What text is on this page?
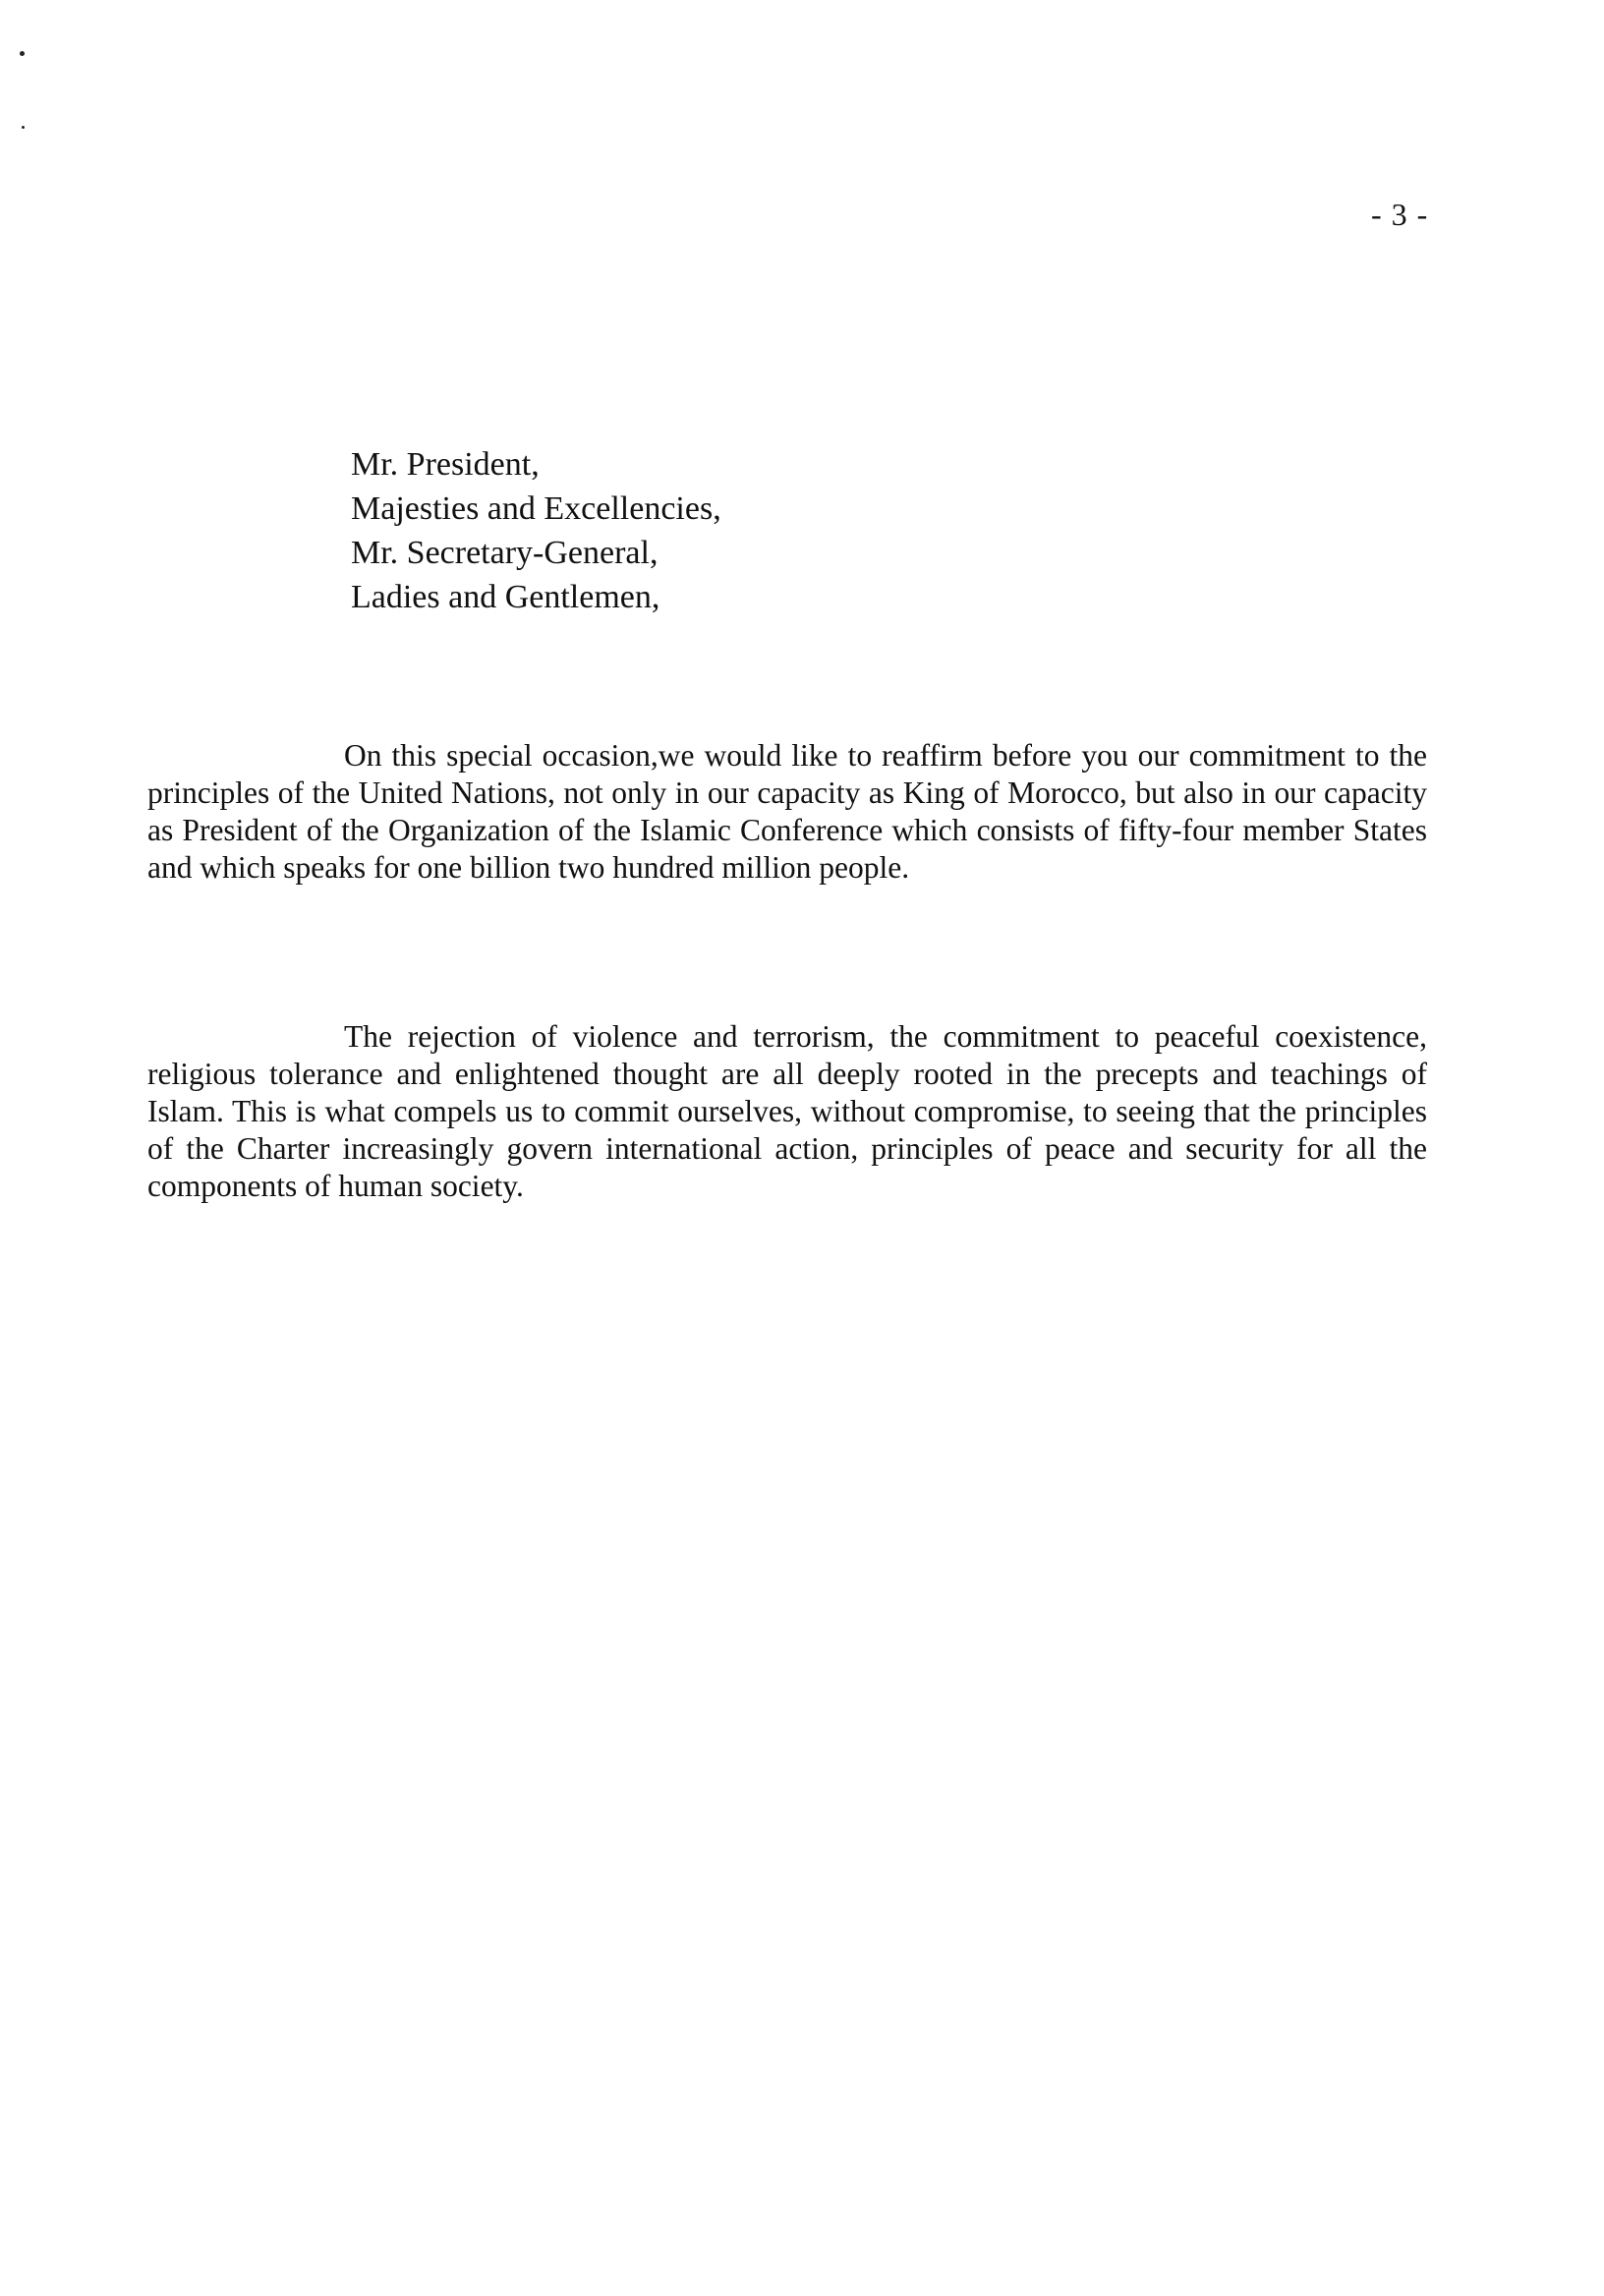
- 3 -
Mr. President,
Majesties and Excellencies,
Mr. Secretary-General,
Ladies and Gentlemen,

On this special occasion,we would like to reaffirm before you our commitment to the principles of the United Nations, not only in our capacity as King of Morocco, but also in our capacity as President of the Organization of the Islamic Conference which consists of fifty-four member States and which speaks for one billion two hundred million people.

The rejection of violence and terrorism, the commitment to peaceful coexistence, religious tolerance and enlightened thought are all deeply rooted in the precepts and teachings of Islam. This is what compels us to commit ourselves, without compromise, to seeing that the principles of the Charter increasingly govern international action, principles of peace and security for all the components of human society.
